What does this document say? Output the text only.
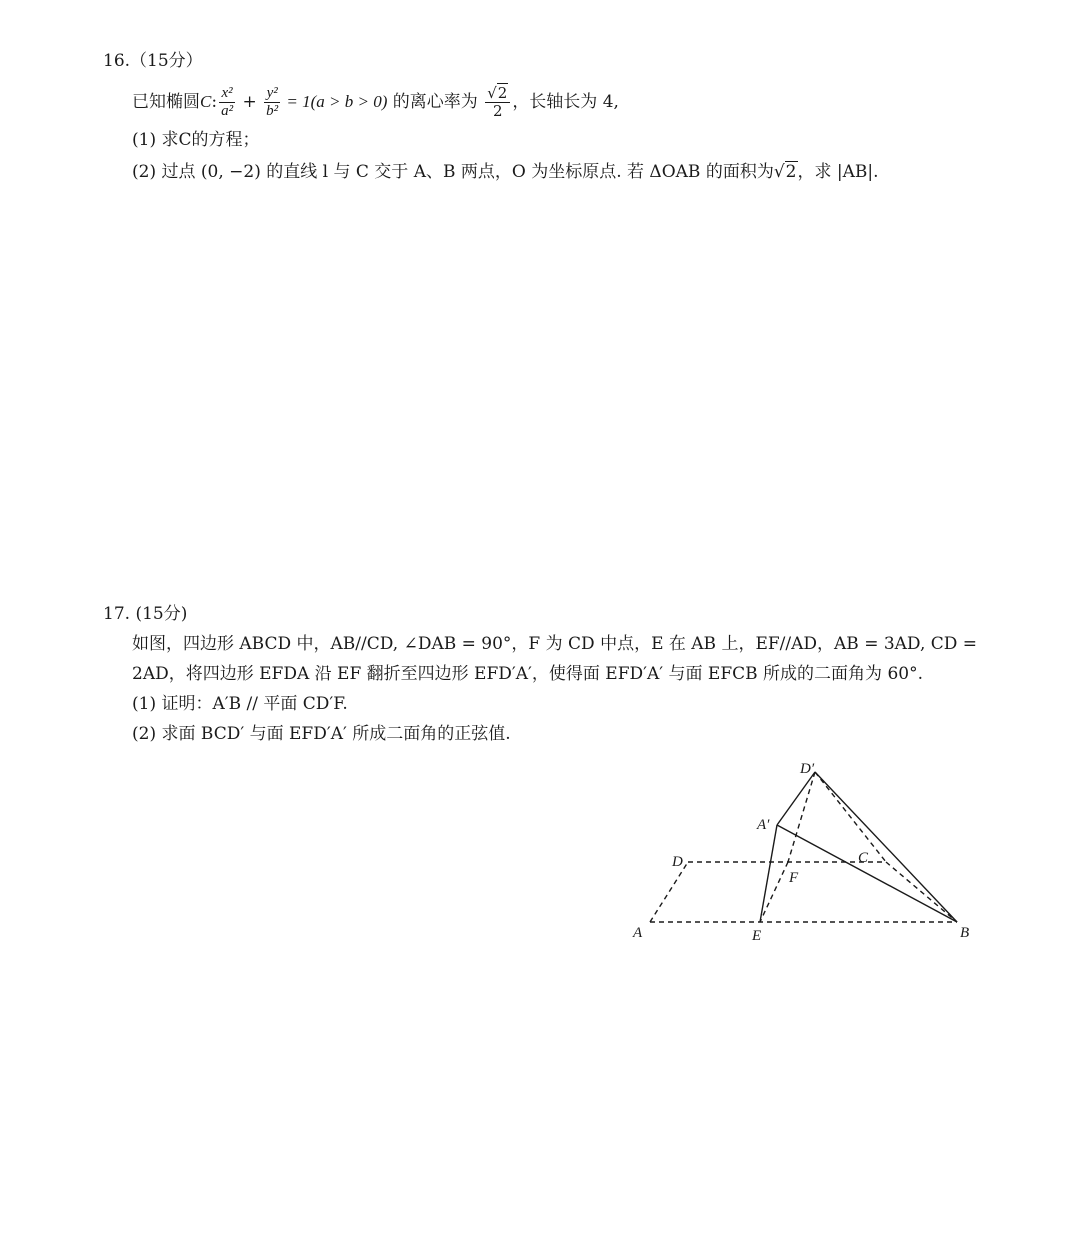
16.（15分）
已知椭圆C: $\frac{\text{x²}}{\text{a²}} + \frac{\text{y²}}{\text{b²}} = 1(a > b > 0)$ 的离心率为 $\frac{√2}{2}$ ，长轴长为 4,
(1) 求C的方程；
(2) 过点 (0, −2) 的直线 l 与 C 交于 A、B 两点，O 为坐标原点. 若 ΔOAB 的面积为√2，求 |AB|.
17. (15分)
如图，四边形 ABCD 中，AB//CD, ∠DAB = 90°，F 为 CD 中点，E 在 AB 上，EF//AD，AB = 3AD, CD =
2AD，将四边形 EFDA 沿 EF 翻折至四边形 EFD′A′，使得面 EFD′A′ 与面 EFCB 所成的二面角为 60°.
(1) 证明：A′B // 平面 CD′F.
(2) 求面 BCD′ 与面 EFD′A′ 所成二面角的正弦值.
D′
A′
D	C
F
A	E	B
